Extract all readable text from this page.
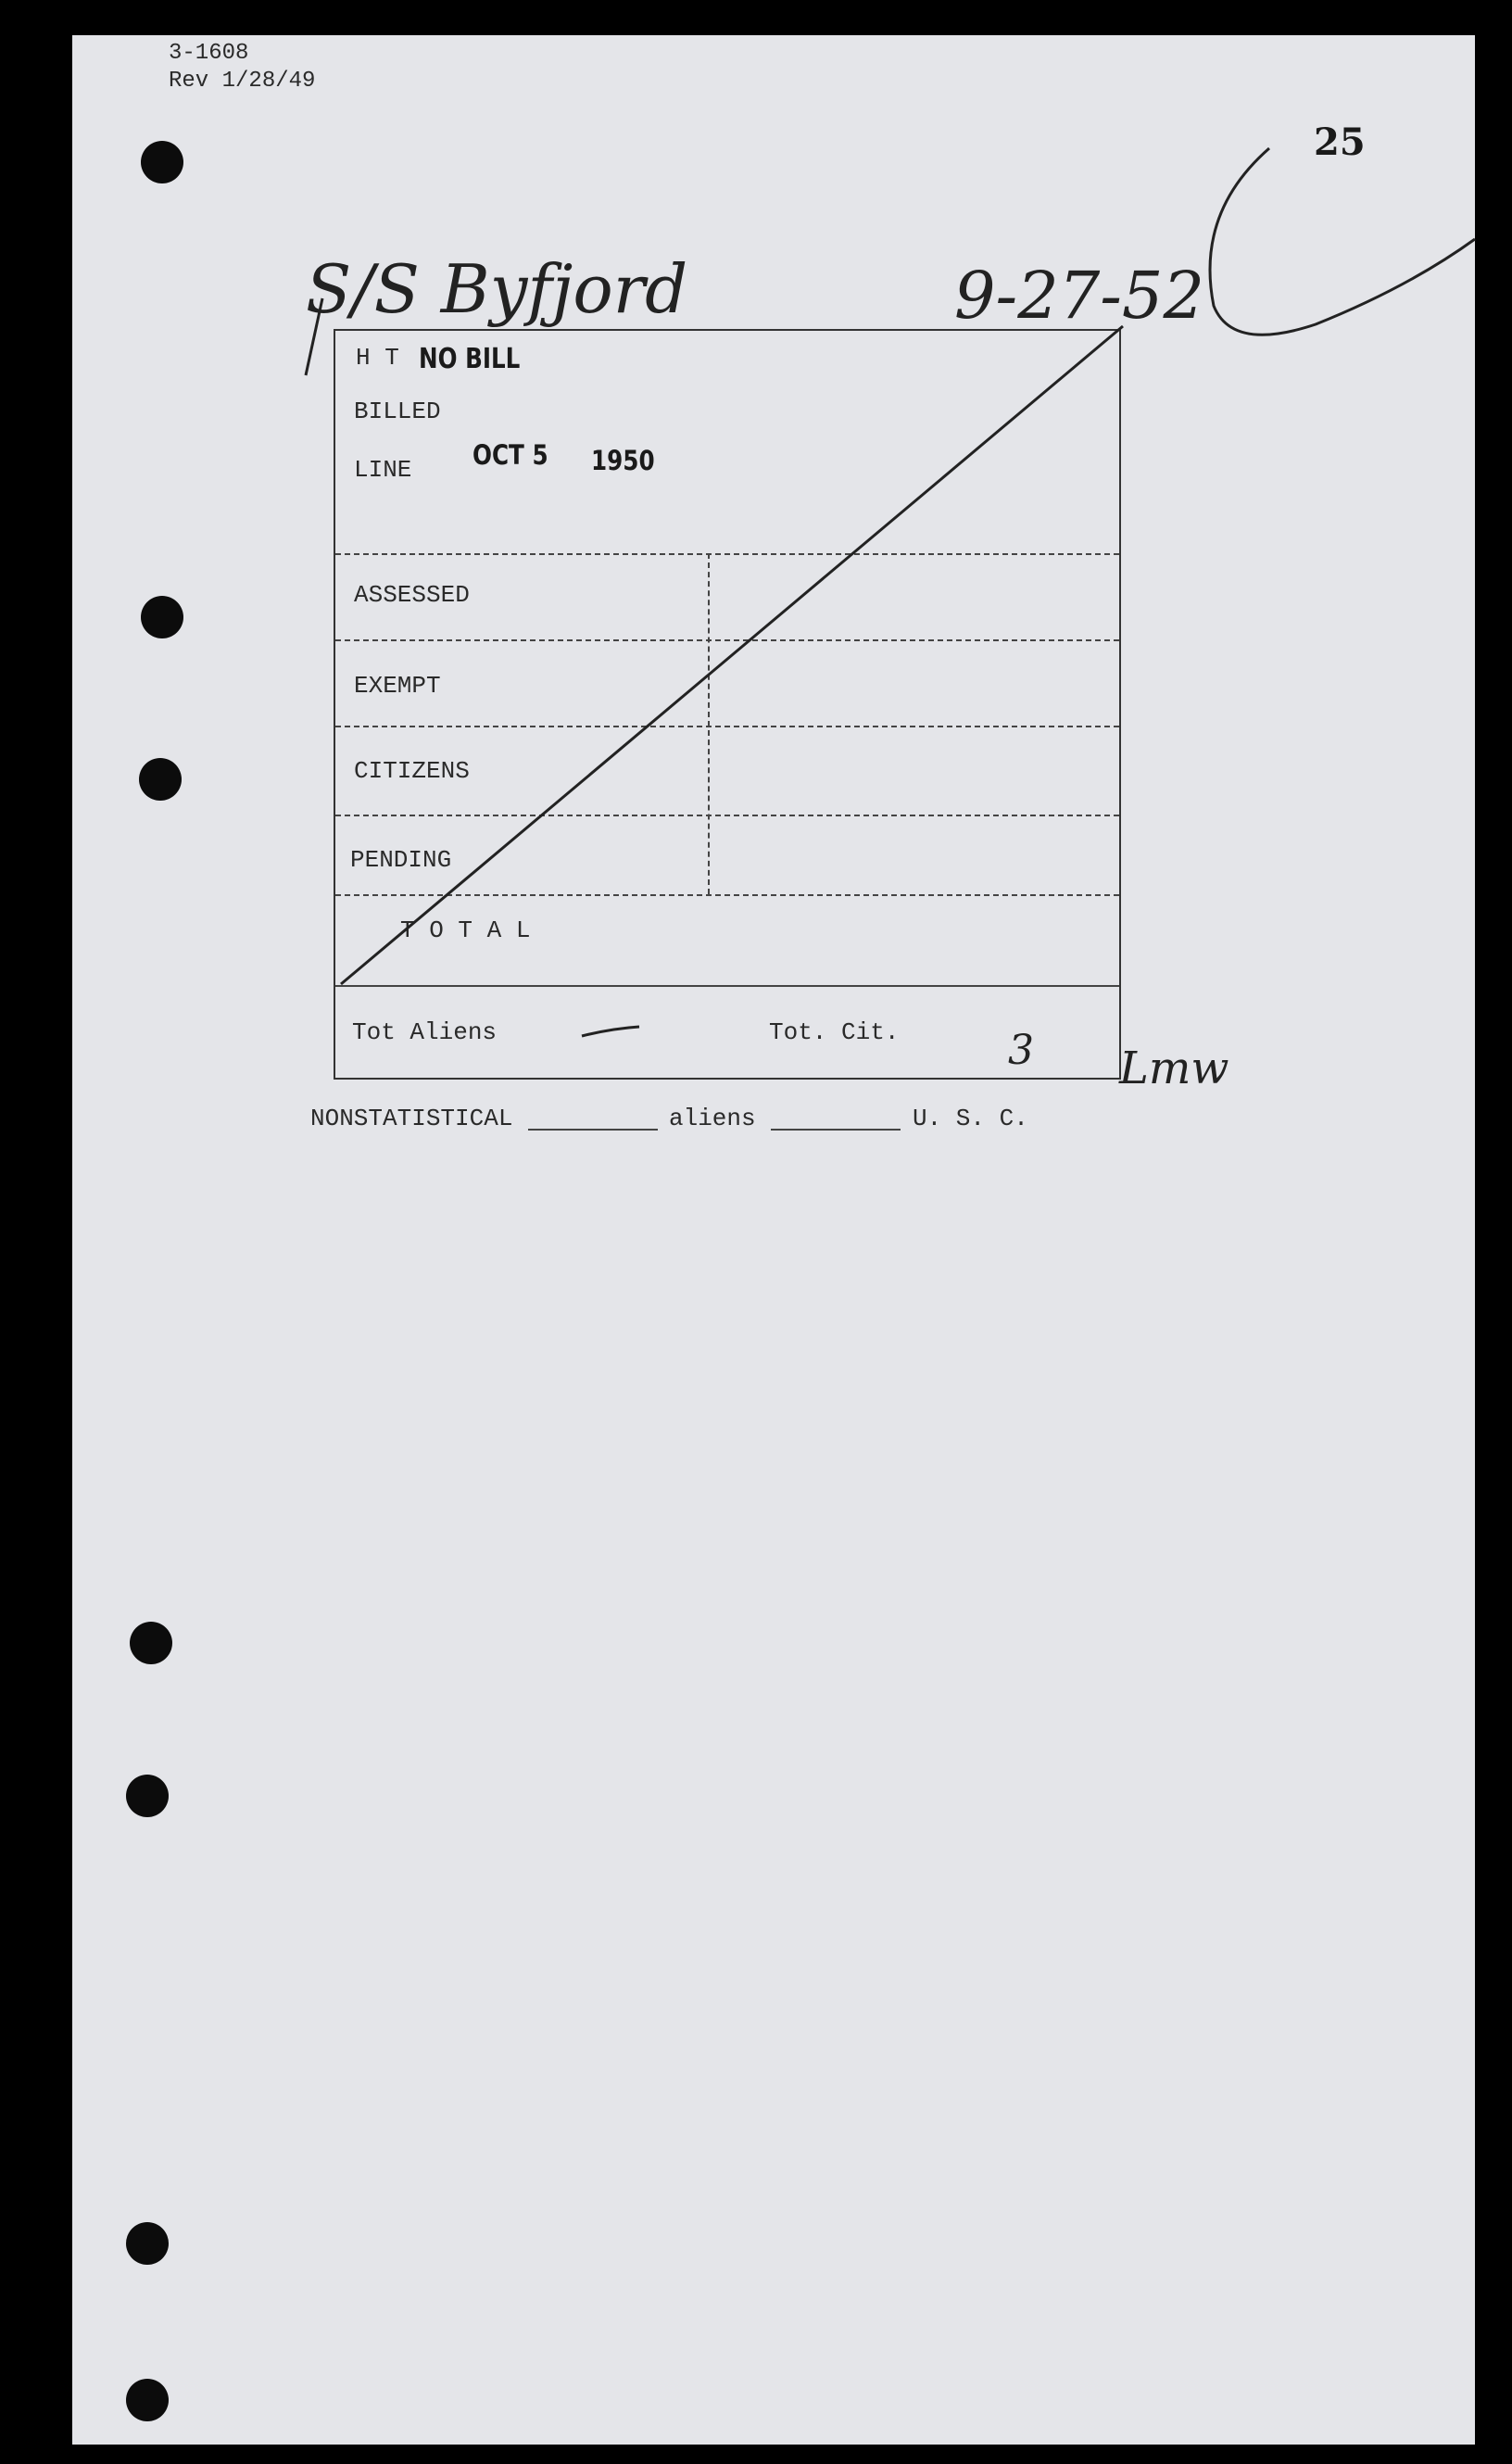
3-1608
Rev 1/28/49
25
S/S Byfjord	9-27-52
H T
BILLED
LINE
ASSESSED
EXEMPT
CITIZENS
PENDING
T O T A L
Tot Aliens	Tot. Cit.
NO BILL
OCT 5 1950
3 Lmw
NONSTATISTICAL	aliens	U. S. C.
